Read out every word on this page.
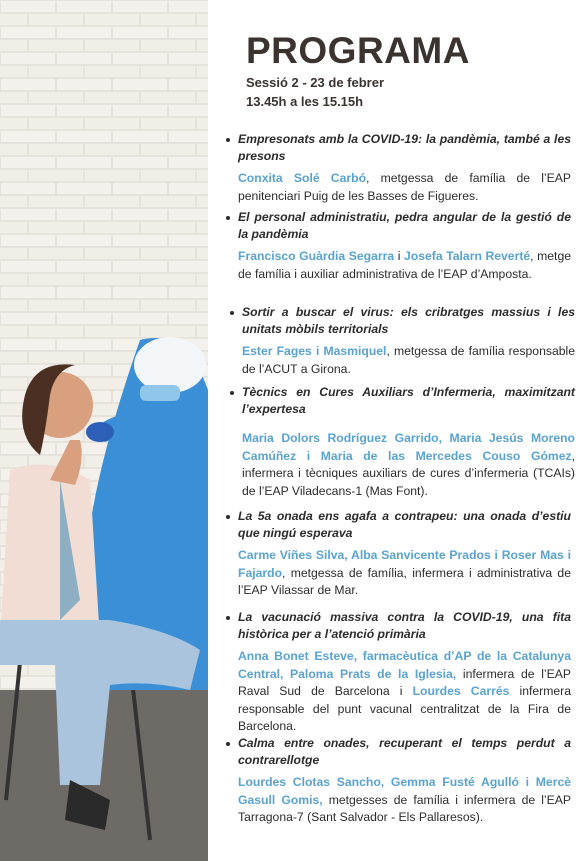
PROGRAMA
Sessió 2 - 23 de febrer
13.45h a les 15.15h
Empresonats amb la COVID-19: la pandèmia, també a les presons
Conxita Solé Carbó, metgessa de família de l’EAP penitenciari Puig de les Basses de Figueres.
El personal administratiu, pedra angular de la gestió de la pandèmia
Francisco Guàrdia Segarra i Josefa Talarn Reverté, metge de família i auxiliar administrativa de l’EAP d’Amposta.
Sortir a buscar el virus: els cribratges massius i les unitats mòbils territorials
Ester Fages i Masmiquel, metgessa de família responsable de l’ACUT a Girona.
Tècnics en Cures Auxiliars d’Infermeria, maximitzant l’expertesa
Maria Dolors Rodríguez Garrido, Maria Jesús Moreno Camúñez i Maria de las Mercedes Couso Gómez, infermera i tècniques auxiliars de cures d’infermeria (TCAIs) de l’EAP Viladecans-1 (Mas Font).
La 5a onada ens agafa a contrapeu: una onada d’estiu que ningú esperava
Carme Viñes Silva, Alba Sanvicente Prados i Roser Mas i Fajardo, metgessa de família, infermera i administrativa de l’EAP Vilassar de Mar.
La vacunació massiva contra la COVID-19, una fita històrica per a l’atenció primària
Anna Bonet Esteve, farmacèutica d’AP de la Catalunya Central, Paloma Prats de la Iglesia, infermera de l’EAP Raval Sud de Barcelona i Lourdes Carrés infermera responsable del punt vacunal centralitzat de la Fira de Barcelona.
Calma entre onades, recuperant el temps perdut a contrarellotge
Lourdes Clotas Sancho, Gemma Fusté Agulló i Mercè Gasull Gomis, metgesses de família i infermera de l’EAP Tarragona-7 (Sant Salvador - Els Pallaresos).
